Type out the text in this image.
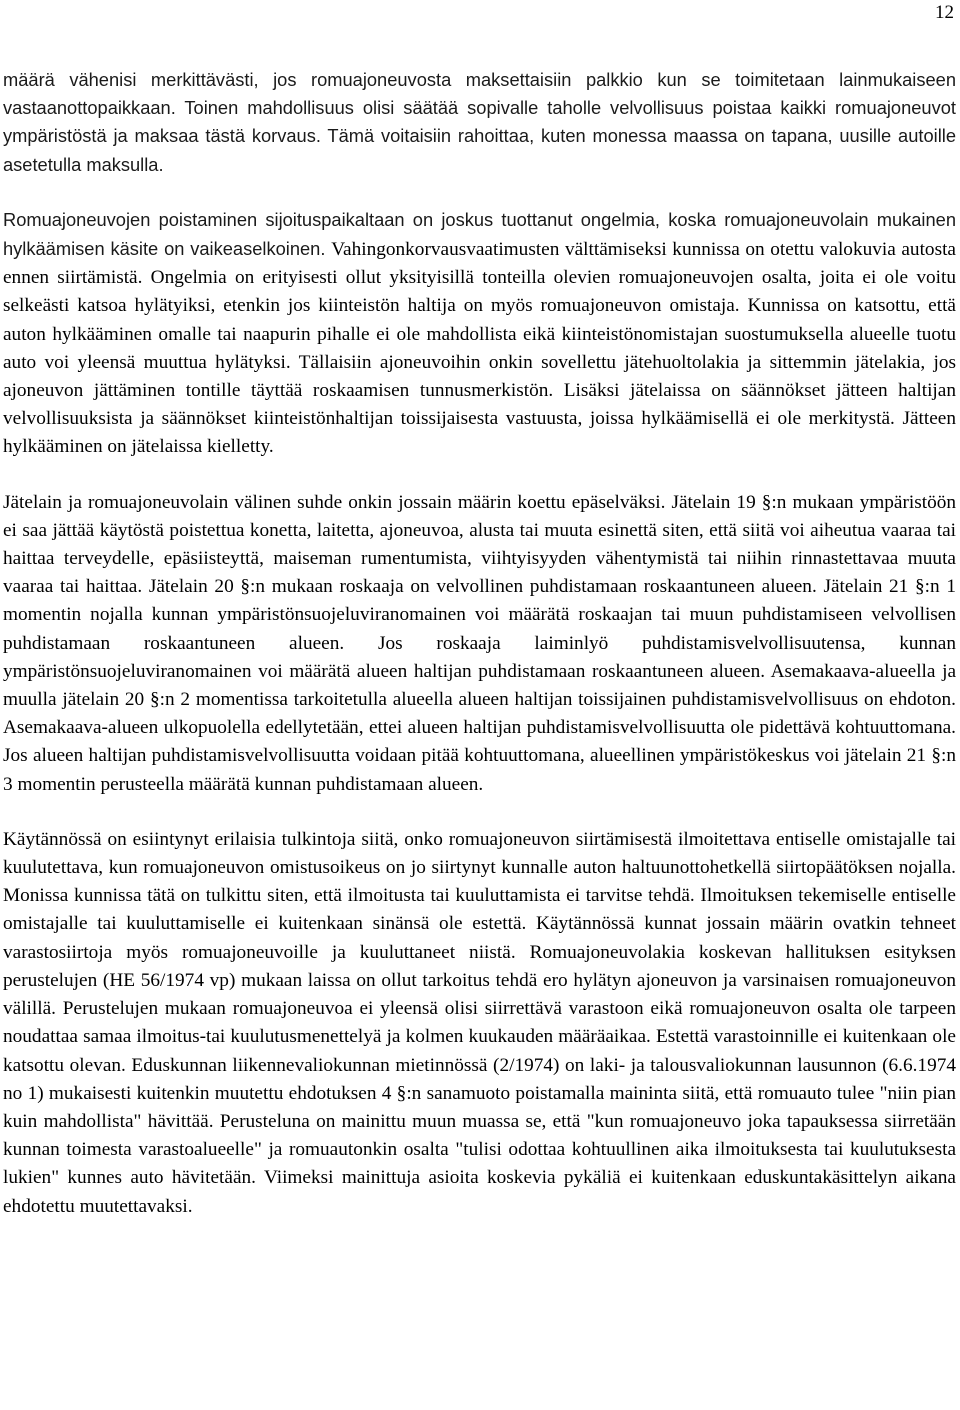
12

määrä vähenisi merkittävästi, jos romuajoneuvosta maksettaisiin palkkio kun se toimitetaan lainmukaiseen vastaanottopaikkaan. Toinen mahdollisuus olisi säätää sopivalle taholle velvollisuus poistaa kaikki romuajoneuvot ympäristöstä ja maksaa tästä korvaus. Tämä voitaisiin rahoittaa, kuten monessa maassa on tapana, uusille autoille asetetulla maksulla.

Romuajoneuvojen poistaminen sijoituspaikaltaan on joskus tuottanut ongelmia, koska romuajoneuvolain mukainen hylkäämisen käsite on vaikeaselkoinen. Vahingonkorvausvaatimusten välttämiseksi kunnissa on otettu valokuvia autosta ennen siirtämistä. Ongelmia on erityisesti ollut yksityisillä tonteilla olevien romuajoneuvojen osalta, joita ei ole voitu selkeästi katsoa hylätyiksi, etenkin jos kiinteistön haltija on myös romuajoneuvon omistaja. Kunnissa on katsottu, että auton hylkääminen omalle tai naapurin pihalle ei ole mahdollista eikä kiinteistönomistajan suostumuksella alueelle tuotu auto voi yleensä muuttua hylätyksi. Tällaisiin ajoneuvoihin onkin sovellettu jätehuoltolakia ja sittemmin jätelakia, jos ajoneuvon jättäminen tontille täyttää roskaamisen tunnusmerkistön. Lisäksi jätelaissa on säännökset jätteen haltijan velvollisuuksista ja säännökset kiinteistönhaltijan toissijaisesta vastuusta, joissa hylkäämisellä ei ole merkitystä. Jätteen hylkääminen on jätelaissa kielletty.

Jätelain ja romuajoneuvolain välinen suhde onkin jossain määrin koettu epäselväksi. Jätelain 19 §:n mukaan ympäristöön ei saa jättää käytöstä poistettua konetta, laitetta, ajoneuvoa, alusta tai muuta esinettä siten, että siitä voi aiheutua vaaraa tai haittaa terveydelle, epäsiisteyttä, maiseman rumentumista, viihtyisyyden vähentymistä tai niihin rinnastettavaa muuta vaaraa tai haittaa. Jätelain 20 §:n mukaan roskaaja on velvollinen puhdistamaan roskaantuneen alueen. Jätelain 21 §:n 1 momentin nojalla kunnan ympäristönsuojeluviranomainen voi määrätä roskaajan tai muun puhdistamiseen velvollisen puhdistamaan roskaantuneen alueen. Jos roskaaja laiminlyö puhdistamisvelvollisuutensa, kunnan ympäristönsuojeluviranomainen voi määrätä alueen haltijan puhdistamaan roskaantuneen alueen. Asemakaava-alueella ja muulla jätelain 20 §:n 2 momentissa tarkoitetulla alueella alueen haltijan toissijainen puhdistamisvelvollisuus on ehdoton. Asemakaava-alueen ulkopuolella edellytetään, ettei alueen haltijan puhdistamisvelvollisuutta ole pidettävä kohtuuttomana. Jos alueen haltijan puhdistamisvelvollisuutta voidaan pitää kohtuuttomana, alueellinen ympäristökeskus voi jätelain 21 §:n 3 momentin perusteella määrätä kunnan puhdistamaan alueen.

Käytännössä on esiintynyt erilaisia tulkintoja siitä, onko romuajoneuvon siirtämisestä ilmoitettava entiselle omistajalle tai kuulutettava, kun romuajoneuvon omistusoikeus on jo siirtynyt kunnalle auton haltuunottohetkellä siirtopäätöksen nojalla. Monissa kunnissa tätä on tulkittu siten, että ilmoitusta tai kuuluttamista ei tarvitse tehdä. Ilmoituksen tekemiselle entiselle omistajalle tai kuuluttamiselle ei kuitenkaan sinänsä ole estettä. Käytännössä kunnat jossain määrin ovatkin tehneet varastosiirtoja myös romuajoneuvoille ja kuuluttaneet niistä. Romuajoneuvolakia koskevan hallituksen esityksen perustelujen (HE 56/1974 vp) mukaan laissa on ollut tarkoitus tehdä ero hylätyn ajoneuvon ja varsinaisen romuajoneuvon välillä. Perustelujen mukaan romuajoneuvoa ei yleensä olisi siirrettävä varastoon eikä romuajoneuvon osalta ole tarpeen noudattaa samaa ilmoitus-tai kuulutusmenettelyä ja kolmen kuukauden määräaikaa. Estettä varastoinnille ei kuitenkaan ole katsottu olevan. Eduskunnan liikennevaliokunnan mietinnössä (2/1974) on laki- ja talousvaliokunnan lausunnon (6.6.1974 no 1) mukaisesti kuitenkin muutettu ehdotuksen 4 §:n sanamuoto poistamalla maininta siitä, että romuauto tulee "niin pian kuin mahdollista" hävittää. Perusteluna on mainittu muun muassa se, että "kun romuajoneuvo joka tapauksessa siirretään kunnan toimesta varastoalueelle" ja romuautonkin osalta "tulisi odottaa kohtuullinen aika ilmoituksesta tai kuulutuksesta lukien" kunnes auto hävitetään. Viimeksi mainittuja asioita koskevia pykäliä ei kuitenkaan eduskuntakäsittelyn aikana ehdotettu muutettavaksi.
